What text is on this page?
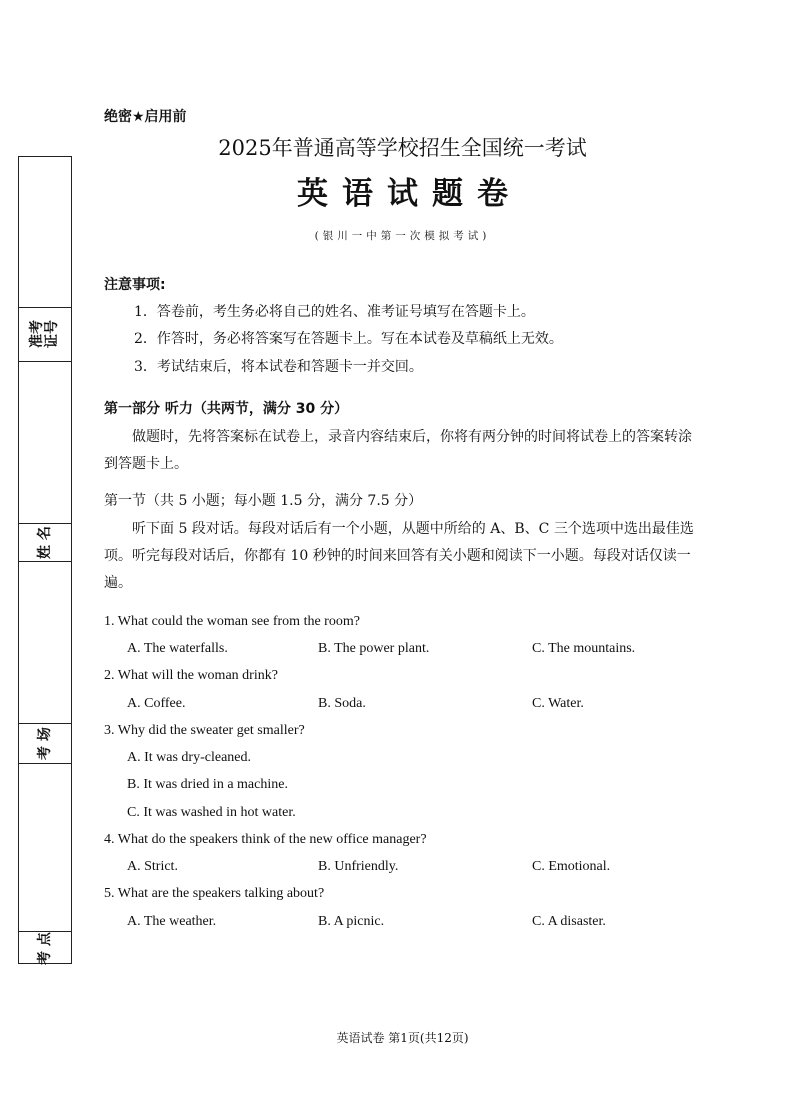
准考 证号
姓 名
考 场
考 点
绝密★启用前
2025年普通高等学校招生全国统一考试
英语试题卷
(银川一中第一次模拟考试)
注意事项:
1．答卷前，考生务必将自己的姓名、准考证号填写在答题卡上。
2．作答时，务必将答案写在答题卡上。写在本试卷及草稿纸上无效。
3．考试结束后，将本试卷和答题卡一并交回。
第一部分 听力（共两节，满分 30 分）
做题时，先将答案标在试卷上，录音内容结束后，你将有两分钟的时间将试卷上的答案转涂到答题卡上。
第一节（共 5 小题；每小题 1.5 分，满分 7.5 分）
听下面 5 段对话。每段对话后有一个小题，从题中所给的 A、B、C 三个选项中选出最佳选项。听完每段对话后，你都有 10 秒钟的时间来回答有关小题和阅读下一小题。每段对话仅读一遍。
1. What could the woman see from the room?
A. The waterfalls.	B. The power plant.	C. The mountains.
2. What will the woman drink?
A. Coffee.	B. Soda.	C. Water.
3. Why did the sweater get smaller?
A. It was dry-cleaned.
B. It was dried in a machine.
C. It was washed in hot water.
4. What do the speakers think of the new office manager?
A. Strict.	B. Unfriendly.	C. Emotional.
5. What are the speakers talking about?
A. The weather.	B. A picnic.	C. A disaster.
英语试卷 第1页(共12页)
